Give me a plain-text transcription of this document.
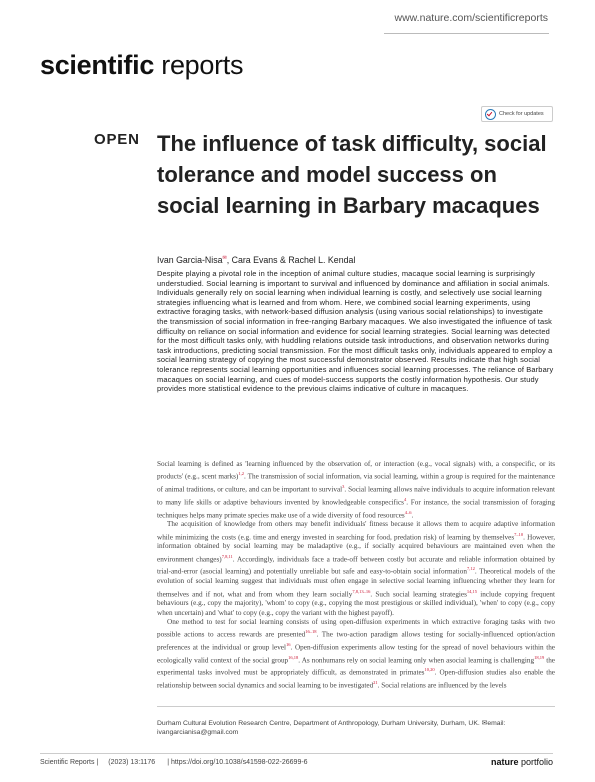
www.nature.com/scientificreports
scientific reports
Check for updates
OPEN The influence of task difficulty, social tolerance and model success on social learning in Barbary macaques
Ivan Garcia-Nisa✉, Cara Evans & Rachel L. Kendal

Despite playing a pivotal role in the inception of animal culture studies, macaque social learning is surprisingly understudied. Social learning is important to survival and influenced by dominance and affiliation in social animals. Individuals generally rely on social learning when individual learning is costly, and selectively use social learning strategies influencing what is learned and from whom. Here, we combined social learning experiments, using extractive foraging tasks, with network-based diffusion analysis (using various social relationships) to investigate the transmission of social information in free-ranging Barbary macaques. We also investigated the influence of task difficulty on reliance on social information and evidence for social learning strategies. Social learning was detected for the most difficult tasks only, with huddling relations outside task introductions, and observation networks during task introductions, predicting social transmission. For the most difficult tasks only, individuals appeared to employ a social learning strategy of copying the most successful demonstrator observed. Results indicate that high social tolerance represents social learning opportunities and influences social learning processes. The reliance of Barbary macaques on social learning, and cues of model-success supports the costly information hypothesis. Our study provides more statistical evidence to the previous claims indicative of culture in macaques.

Social learning is defined as 'learning influenced by the observation of, or interaction (e.g., vocal signals) with, a conspecific, or its products' (e.g., scent marks)$^{1,2}$. The transmission of social information, via social learning, within a group is required for the maintenance of animal traditions, or culture, and can be important to survival$^3$. Social learning allows naïve individuals to acquire information relevant to many life skills or adaptive behaviours invented by knowledgeable conspecifics$^4$. For instance, the social transmission of foraging techniques helps many primate species make use of a wide diversity of food resources$^{4-6}$.

The acquisition of knowledge from others may benefit individuals' fitness because it allows them to acquire adaptive information while minimizing the costs (e.g. time and energy invested in searching for food, predation risk) of learning by themselves$^{7-10}$. However, information obtained by social learning may be maladaptive (e.g., if socially acquired behaviours are maintained even when the environment changes)$^{7,8,11}$. Accordingly, individuals face a trade-off between costly but accurate and reliable information obtained by trial-and-error (asocial learning) and potentially unreliable but safe and easy-to-obtain social information$^{7,12}$. Theoretical models of the evolution of social learning suggest that individuals must often engage in selective social learning influencing whether they learn for themselves and if not, what and from whom they learn socially$^{7,8,13-16}$. Such social learning strategies$^{14,15}$ include copying frequent behaviours (e.g., copy the majority), 'whom' to copy (e.g., copying the most prestigious or skilled individual), 'when' to copy (e.g., copy when uncertain) and 'what' to copy (e.g., copy the variant with the highest payoff).

One method to test for social learning consists of using open-diffusion experiments in which extractive foraging tasks with two possible actions to access rewards are presented$^{16-18}$. The two-action paradigm allows testing for socially-influenced option/action preferences at the individual or group level$^{16}$. Open-diffusion experiments allow testing for the spread of novel behaviours within the ecologically valid context of the social group$^{16,18}$. As nonhumans rely on social learning only when asocial learning is challenging$^{18,19}$ the experimental tasks involved must be appropriately difficult, as demonstrated in primates$^{10,20}$. Open-diffusion studies also enable the relationship between social dynamics and social learning to be investigated$^{21}$. Social relations are influenced by the levels

Durham Cultural Evolution Research Centre, Department of Anthropology, Durham University, Durham, UK. ✉email: ivangarcianisa@gmail.com

Scientific Reports | (2023) 13:1176 | https://doi.org/10.1038/s41598-022-26699-6	nature portfolio
